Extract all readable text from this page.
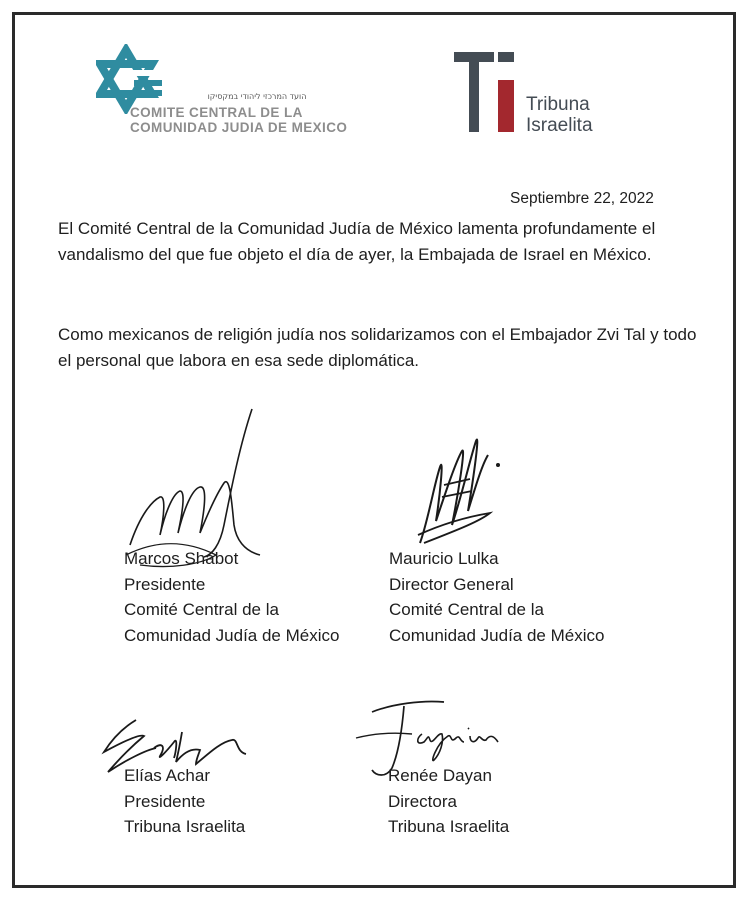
הועד המרכזי ליהודי במקסיקו
COMITE CENTRAL DE LA
COMUNIDAD JUDIA DE MEXICO
Tribuna
Israelita
Septiembre 22, 2022
El Comité Central de la Comunidad Judía de México lamenta profundamente el vandalismo del que fue objeto el día de ayer, la Embajada de Israel en México.
Como mexicanos de religión judía nos solidarizamos con el Embajador Zvi Tal y todo el personal que labora en esa sede diplomática.
Marcos Shabot
Presidente
Comité Central de la
Comunidad Judía de México
Mauricio Lulka
Director General
Comité Central de la
Comunidad Judía de México
Elías Achar
Presidente
Tribuna Israelita
Renée Dayan
Directora
Tribuna Israelita
